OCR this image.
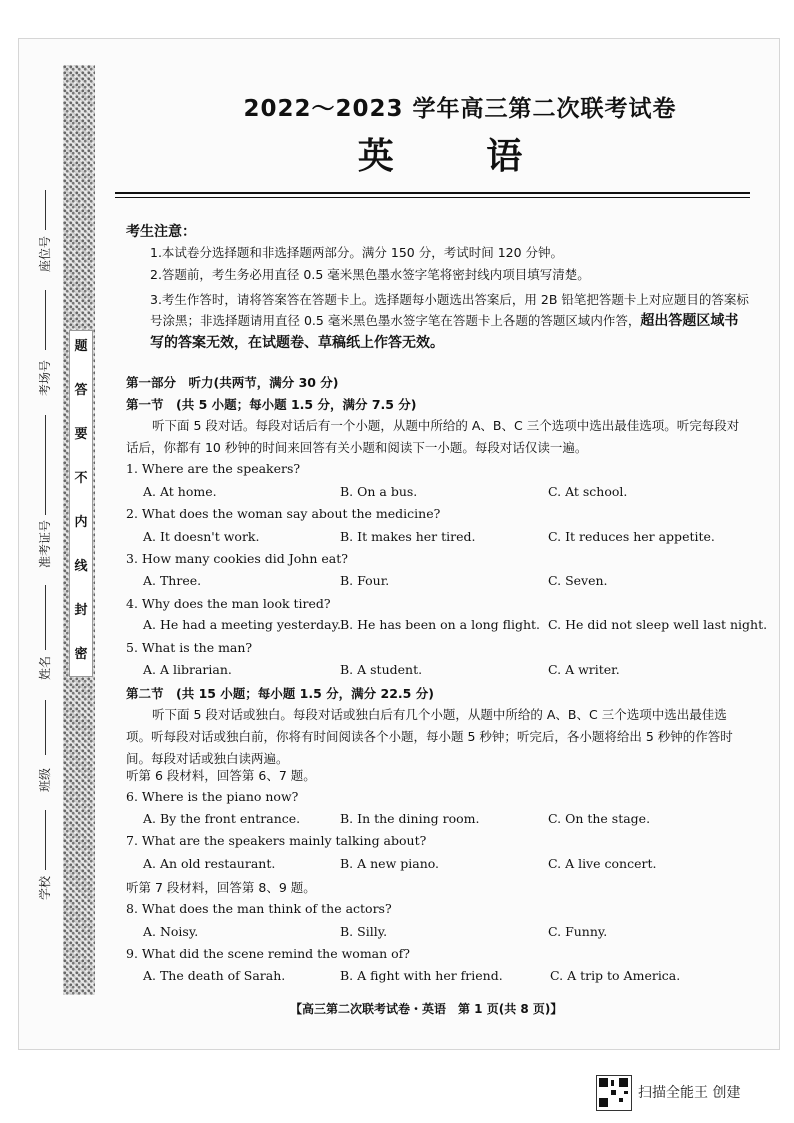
题
答
要
不
内
线
封
密
座位号
考场号
准考证号
姓名
班级
学校
2022～2023 学年高三第二次联考试卷
英 语
考生注意：
1.本试卷分选择题和非选择题两部分。满分 150 分，考试时间 120 分钟。
2.答题前，考生务必用直径 0.5 毫米黑色墨水签字笔将密封线内项目填写清楚。
3.考生作答时，请将答案答在答题卡上。选择题每小题选出答案后，用 2B 铅笔把答题卡上对应题目的答案标号涂黑；非选择题请用直径 0.5 毫米黑色墨水签字笔在答题卡上各题的答题区域内作答，超出答题区域书写的答案无效，在试题卷、草稿纸上作答无效。
第一部分　听力(共两节，满分 30 分)
第一节　(共 5 小题；每小题 1.5 分，满分 7.5 分)
听下面 5 段对话。每段对话后有一个小题，从题中所给的 A、B、C 三个选项中选出最佳选项。听完每段对话后，你都有 10 秒钟的时间来回答有关小题和阅读下一小题。每段对话仅读一遍。
1. Where are the speakers?
A. At home.	B. On a bus.	C. At school.
2. What does the woman say about the medicine?
A. It doesn't work.	B. It makes her tired.	C. It reduces her appetite.
3. How many cookies did John eat?
A. Three.	B. Four.	C. Seven.
4. Why does the man look tired?
A. He had a meeting yesterday. B. He has been on a long flight. C. He did not sleep well last night.
5. What is the man?
A. A librarian.	B. A student.	C. A writer.
第二节　(共 15 小题；每小题 1.5 分，满分 22.5 分)
听下面 5 段对话或独白。每段对话或独白后有几个小题，从题中所给的 A、B、C 三个选项中选出最佳选项。听每段对话或独白前，你将有时间阅读各个小题，每小题 5 秒钟；听完后，各小题将给出 5 秒钟的作答时间。每段对话或独白读两遍。
听第 6 段材料，回答第 6、7 题。
6. Where is the piano now?
A. By the front entrance.	B. In the dining room.	C. On the stage.
7. What are the speakers mainly talking about?
A. An old restaurant.	B. A new piano.	C. A live concert.
听第 7 段材料，回答第 8、9 题。
8. What does the man think of the actors?
A. Noisy.	B. Silly.	C. Funny.
9. What did the scene remind the woman of?
A. The death of Sarah.	B. A fight with her friend.	C. A trip to America.
【高三第二次联考试卷・英语　第 1 页(共 8 页)】
扫描全能王 创建
